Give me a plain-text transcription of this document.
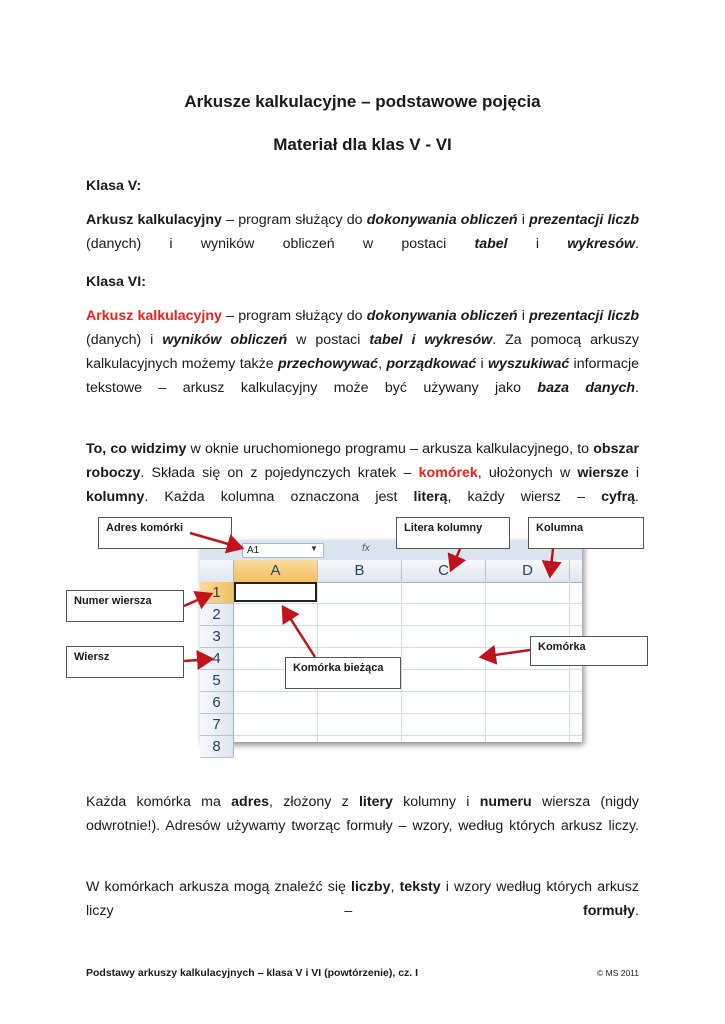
Arkusze kalkulacyjne – podstawowe pojęcia
Materiał dla klas V - VI
Klasa V:
Arkusz kalkulacyjny – program służący do dokonywania obliczeń i prezentacji liczb (danych) i wyników obliczeń w postaci tabel i wykresów.
Klasa VI:
Arkusz kalkulacyjny – program służący do dokonywania obliczeń i prezentacji liczb (danych) i wyników obliczeń w postaci tabel i wykresów. Za pomocą arkuszy kalkulacyjnych możemy także przechowywać, porządkować i wyszukiwać informacje tekstowe – arkusz kalkulacyjny może być używany jako baza danych.
To, co widzimy w oknie uruchomionego programu – arkusza kalkulacyjnego, to obszar roboczy. Składa się on z pojedynczych kratek – komórek, ułożonych w wiersze i kolumny. Każda kolumna oznaczona jest literą, każdy wiersz – cyfrą.
A1	▼	fx
A	B	C	D
1
2
3
4
5
6
7
8
Adres komórki	Litera kolumny	Kolumna
Numer wiersza
Wiersz
Komórka bieżąca
Komórka
Każda komórka ma adres, złożony z litery kolumny i numeru wiersza (nigdy odwrotnie!). Adresów używamy tworząc formuły – wzory, według których arkusz liczy.
W komórkach arkusza mogą znaleźć się liczby, teksty i wzory według których arkusz liczy – formuły.
Podstawy arkuszy kalkulacyjnych – klasa V i VI (powtórzenie), cz. I	© MS 2011
